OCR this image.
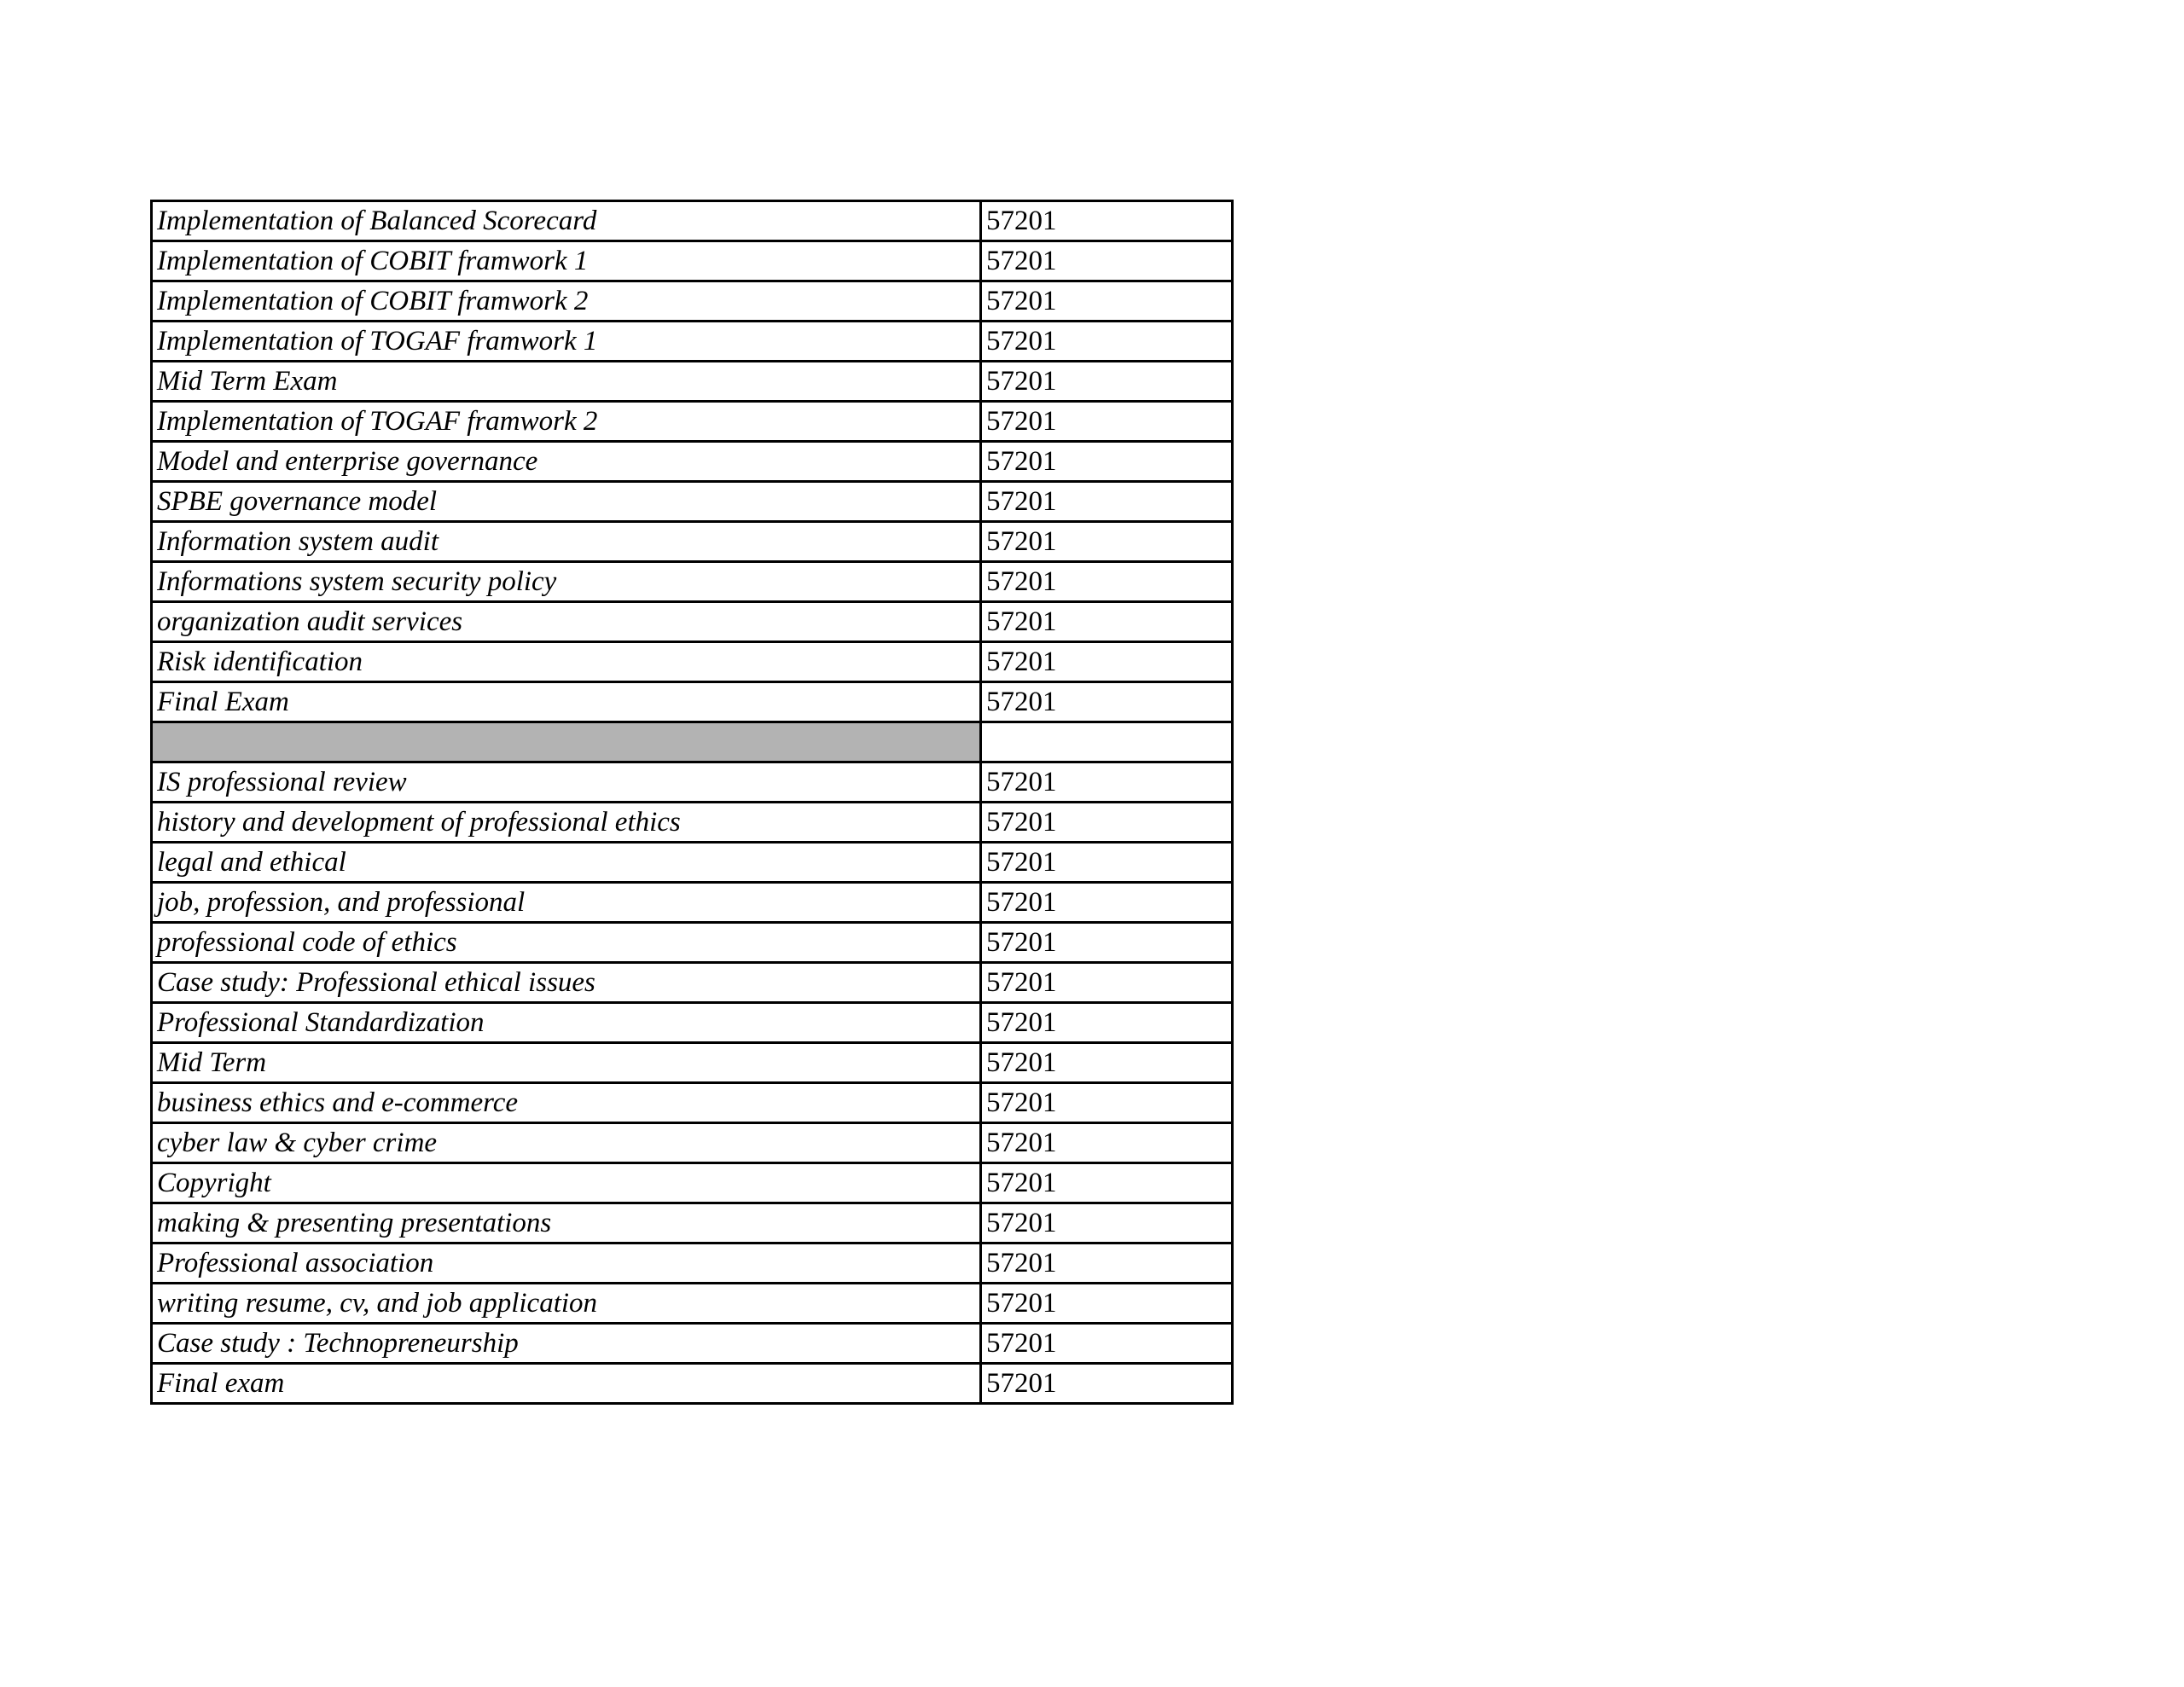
Implementation of Balanced Scorecard	57201
Implementation of COBIT framwork 1	57201
Implementation of COBIT framwork 2	57201
Implementation of TOGAF framwork 1	57201
Mid Term Exam	57201
Implementation of TOGAF framwork 2	57201
Model and enterprise governance	57201
SPBE governance model	57201
Information system audit	57201
Informations system security policy	57201
organization audit services	57201
Risk identification	57201
Final Exam	57201

IS professional review	57201
history and development of professional ethics	57201
legal and ethical	57201
job, profession, and professional	57201
professional code of ethics	57201
Case study: Professional ethical issues	57201
Professional Standardization	57201
Mid Term	57201
business ethics and e-commerce	57201
cyber law & cyber crime	57201
Copyright	57201
making & presenting presentations	57201
Professional association	57201
writing resume, cv, and job application	57201
Case study : Technopreneurship	57201
Final exam	57201
